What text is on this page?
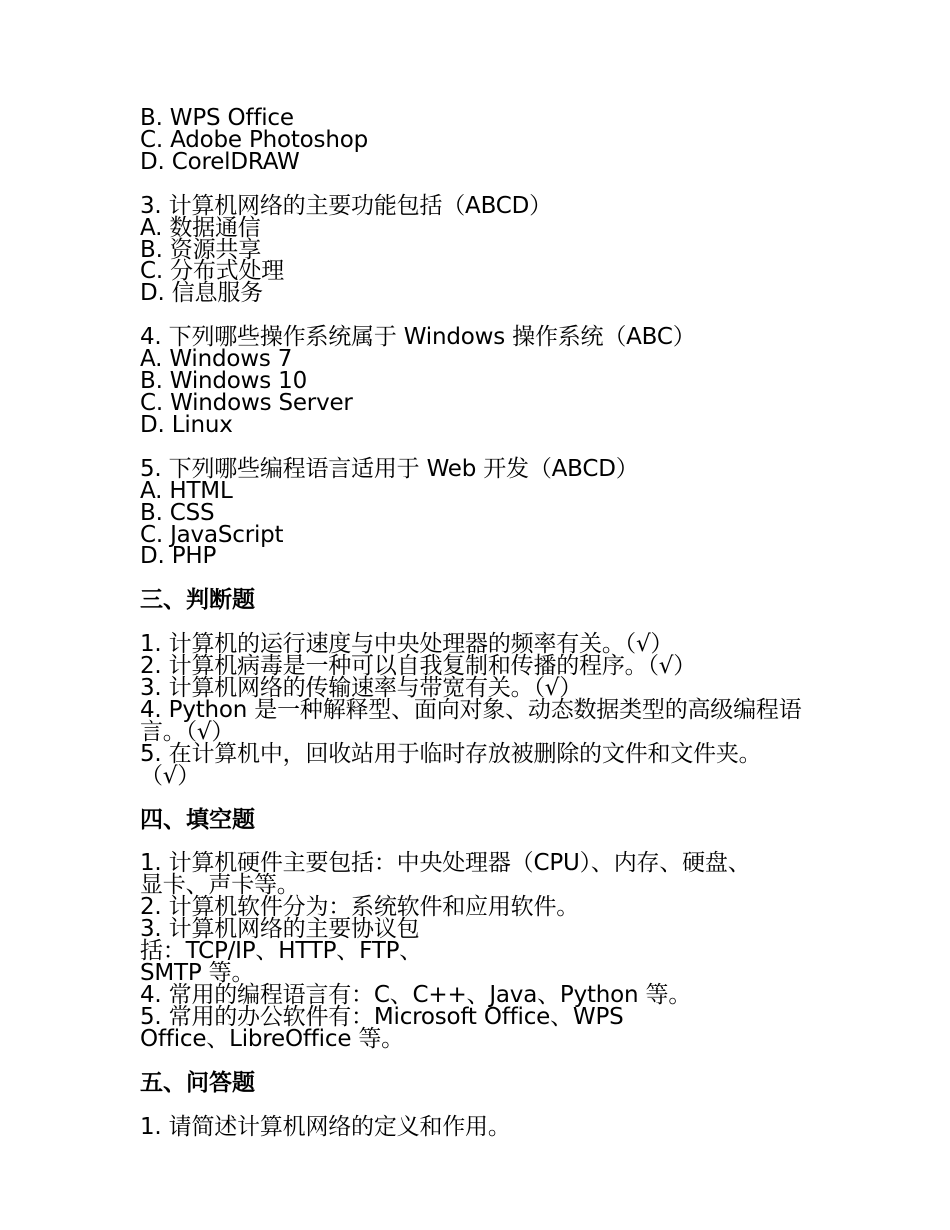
B. WPS Office

C. Adobe Photoshop

D. CorelDRAW

3. 计算机网络的主要功能包括（ABCD）

A. 数据通信

B. 资源共享

C. 分布式处理

D. 信息服务

4. 下列哪些操作系统属于 Windows 操作系统（ABC）

A. Windows 7

B. Windows 10

C. Windows Server

D. Linux

5. 下列哪些编程语言适用于 Web 开发（ABCD）

A. HTML

B. CSS

C. JavaScript

D. PHP

三、判断题

1. 计算机的运行速度与中央处理器的频率有关。（√）

2. 计算机病毒是一种可以自我复制和传播的程序。（√）

3. 计算机网络的传输速率与带宽有关。（√）

4. Python 是一种解释型、面向对象、动态数据类型的高级编程语言。（√）

5. 在计算机中，回收站用于临时存放被删除的文件和文件夹。（√）

四、填空题

1. 计算机硬件主要包括：中央处理器（CPU）、内存、硬盘、显卡、声卡等。

2. 计算机软件分为：系统软件和应用软件。

3. 计算机网络的主要协议包括：TCP/IP、HTTP、FTP、SMTP 等。

4. 常用的编程语言有：C、C++、Java、Python 等。

5. 常用的办公软件有：Microsoft Office、WPS Office、LibreOffice 等。

五、问答题

1. 请简述计算机网络的定义和作用。
